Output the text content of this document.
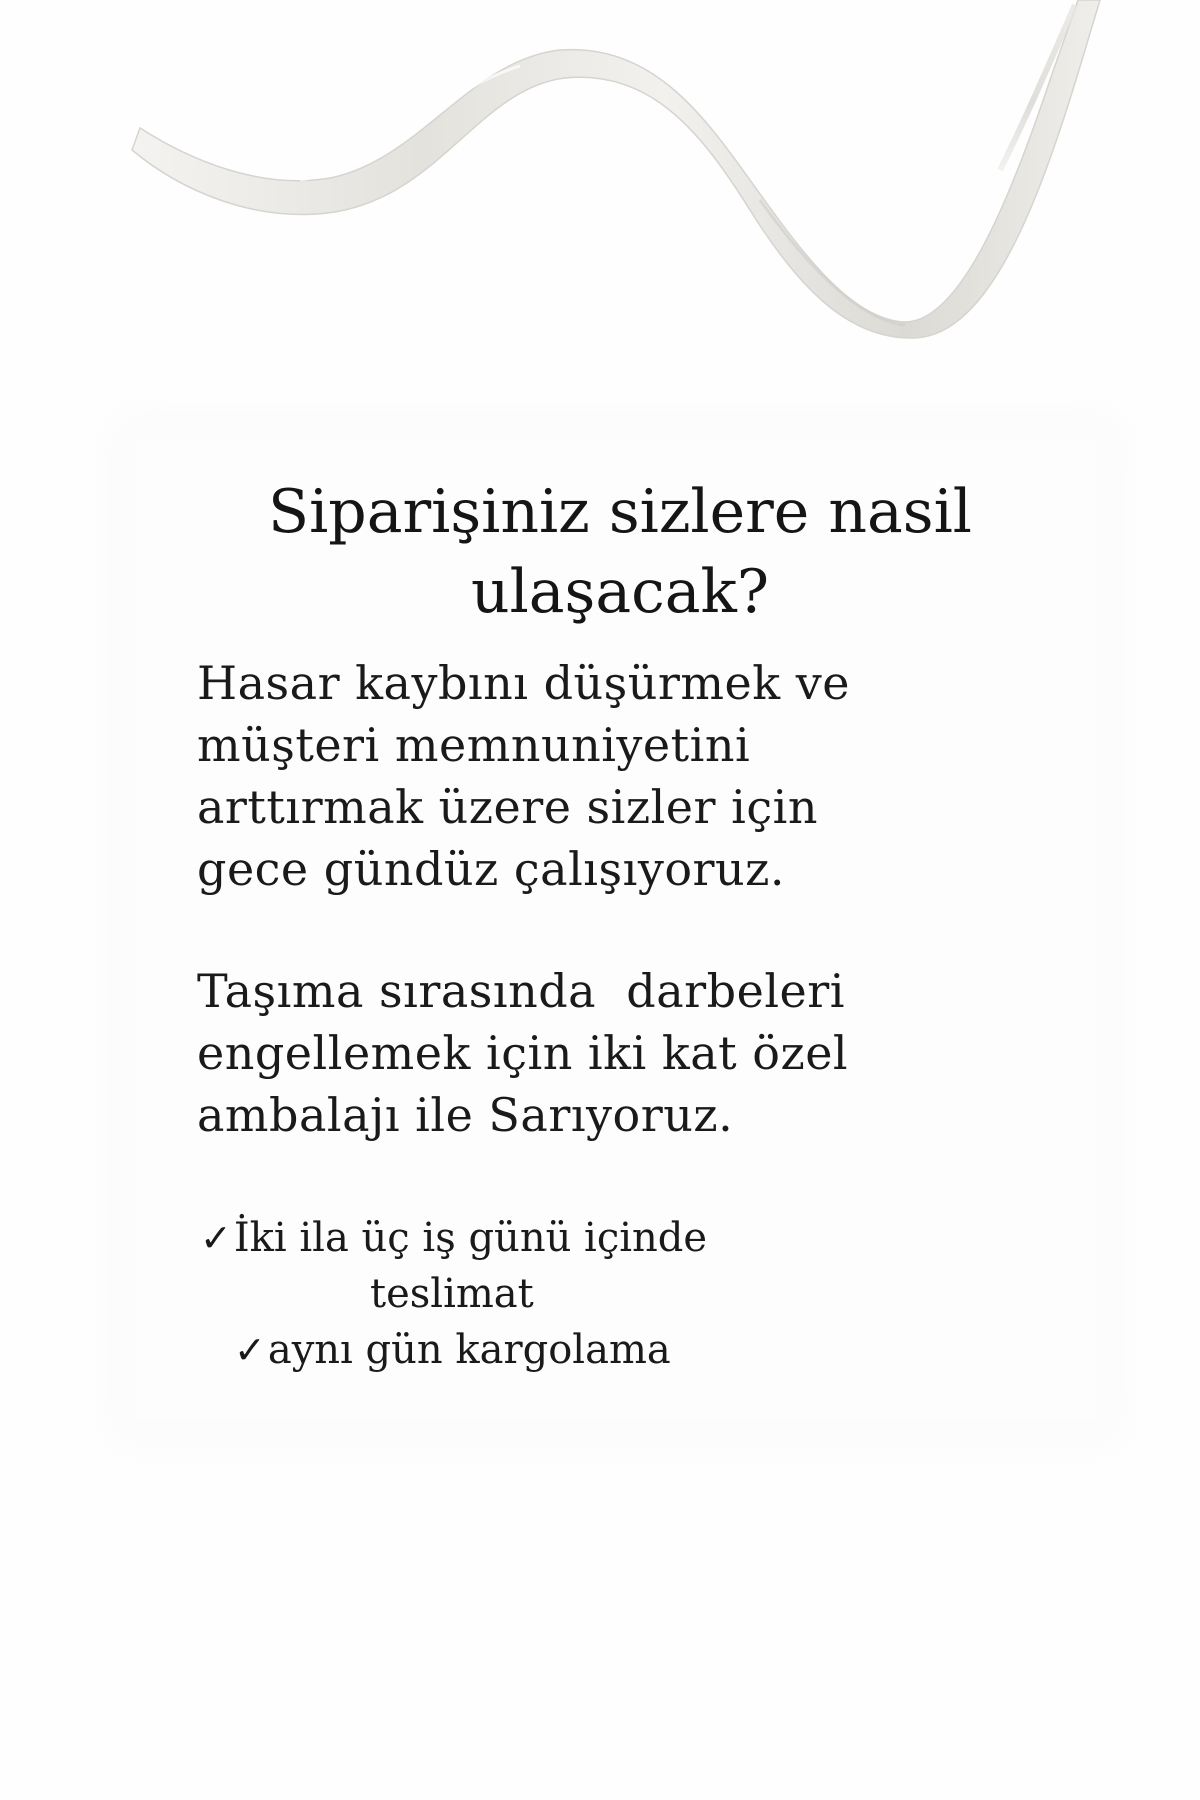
Siparişiniz sizlere nasil
ulaşacak?

Hasar kaybını düşürmek ve
müşteri memnuniyetini
arttırmak üzere sizler için
gece gündüz çalışıyoruz.

Taşıma sırasında  darbeleri
engellemek için iki kat özel
ambalajı ile Sarıyoruz.

✓İki ila üç iş günü içinde
teslimat
✓aynı gün kargolama
